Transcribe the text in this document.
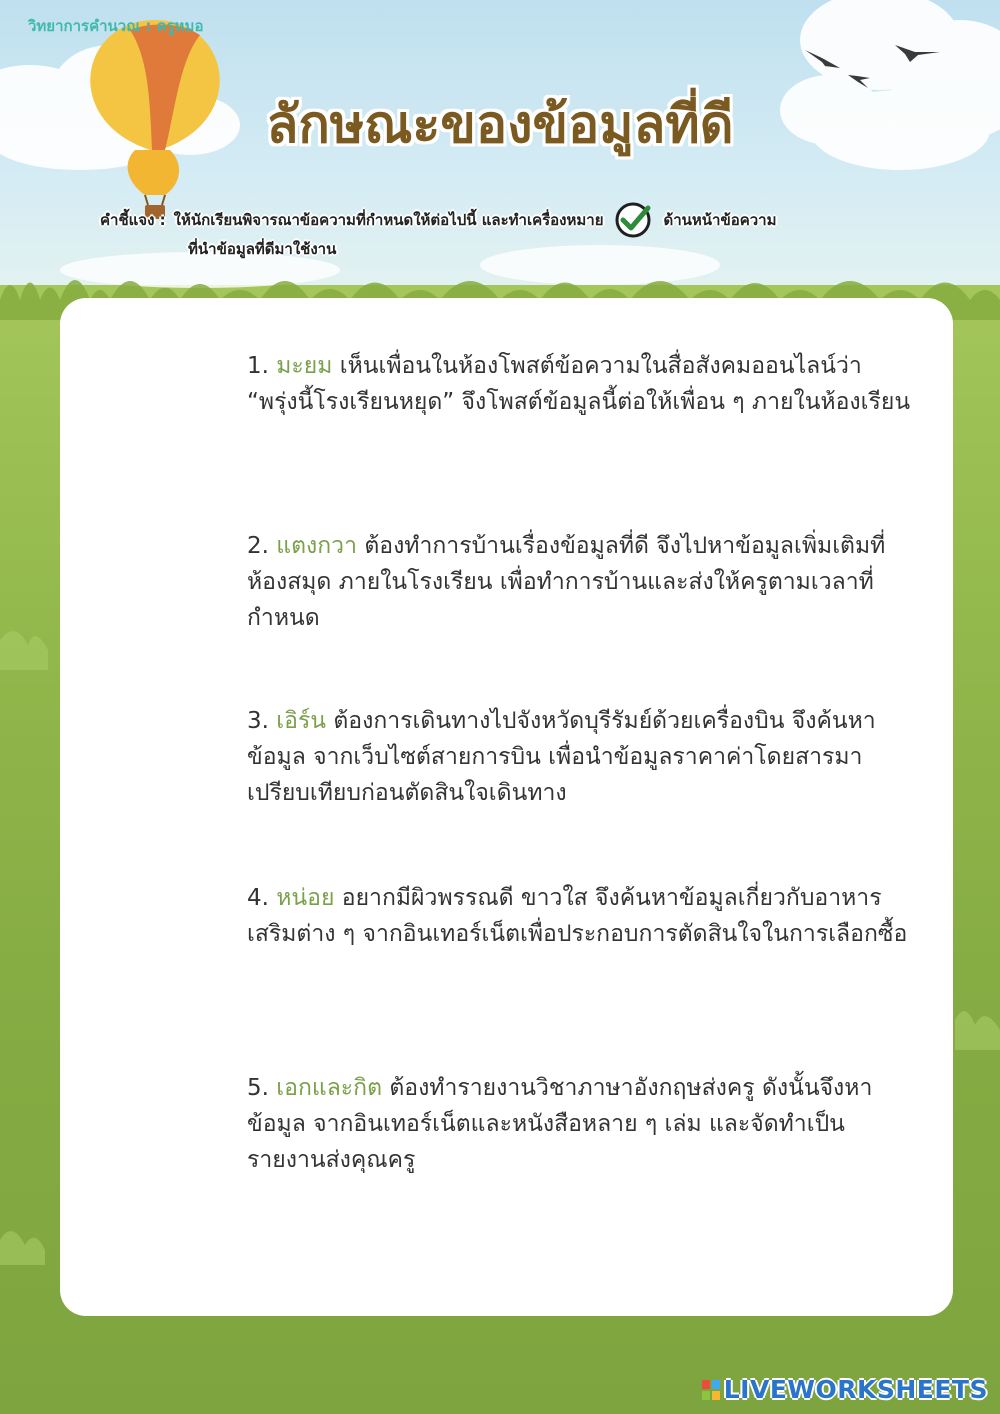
วิทยาการคำนวณ : ครูหมอ

ลักษณะของข้อมูลที่ดี
คำชี้แจง : ให้นักเรียนพิจารณาข้อความที่กำหนดให้ต่อไปนี้ และทำเครื่องหมาย	ด้านหน้าข้อความ
ที่นำข้อมูลที่ดีมาใช้งาน

1. มะยม เห็นเพื่อนในห้องโพสต์ข้อความในสื่อสังคมออนไลน์ว่า “พรุ่งนี้โรงเรียนหยุด” จึงโพสต์ข้อมูลนี้ต่อให้เพื่อน ๆ ภายในห้องเรียน

2. แตงกวา ต้องทำการบ้านเรื่องข้อมูลที่ดี จึงไปหาข้อมูลเพิ่มเติมที่ห้องสมุด ภายในโรงเรียน เพื่อทำการบ้านและส่งให้ครูตามเวลาที่กำหนด

3. เอิร์น ต้องการเดินทางไปจังหวัดบุรีรัมย์ด้วยเครื่องบิน จึงค้นหาข้อมูล จากเว็บไซต์สายการบิน เพื่อนำข้อมูลราคาค่าโดยสารมาเปรียบเทียบก่อนตัดสินใจเดินทาง

4. หน่อย อยากมีผิวพรรณดี ขาวใส จึงค้นหาข้อมูลเกี่ยวกับอาหารเสริมต่าง ๆ จากอินเทอร์เน็ตเพื่อประกอบการตัดสินใจในการเลือกซื้อ

5. เอกและกิต ต้องทำรายงานวิชาภาษาอังกฤษส่งครู ดังนั้นจึงหาข้อมูล จากอินเทอร์เน็ตและหนังสือหลาย ๆ เล่ม และจัดทำเป็นรายงานส่งคุณครู

LIVEWORKSHEETS
